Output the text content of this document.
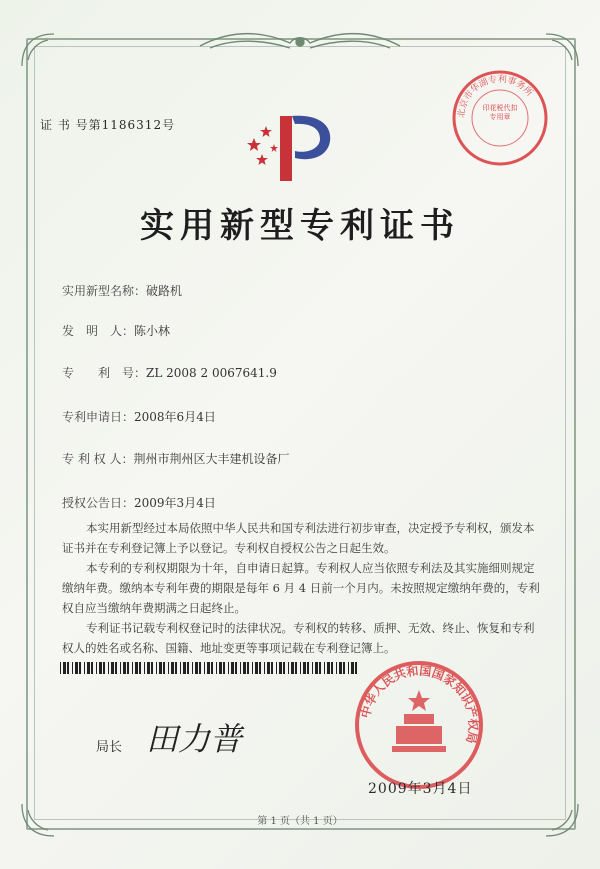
证 书 号第1186312号
北京市华湖专利事务所
印花税代扣专用章
实用新型专利证书
实用新型名称：破路机
发　明　人：陈小林
专　　利　号：ZL 2008 2 0067641.9
专利申请日：2008年6月4日
专 利 权 人：荆州市荆州区大丰建机设备厂
授权公告日：2009年3月4日
本实用新型经过本局依照中华人民共和国专利法进行初步审查，决定授予专利权，颁发本证书并在专利登记簿上予以登记。专利权自授权公告之日起生效。
本专利的专利权期限为十年，自申请日起算。专利权人应当依照专利法及其实施细则规定缴纳年费。缴纳本专利年费的期限是每年 6 月 4 日前一个月内。未按照规定缴纳年费的，专利权自应当缴纳年费期满之日起终止。
专利证书记载专利权登记时的法律状况。专利权的转移、质押、无效、终止、恢复和专利权人的姓名或名称、国籍、地址变更等事项记载在专利登记簿上。
局长 田力普
中华人民共和国国家知识产权局
2009年3月4日
第 1 页（共 1 页）
